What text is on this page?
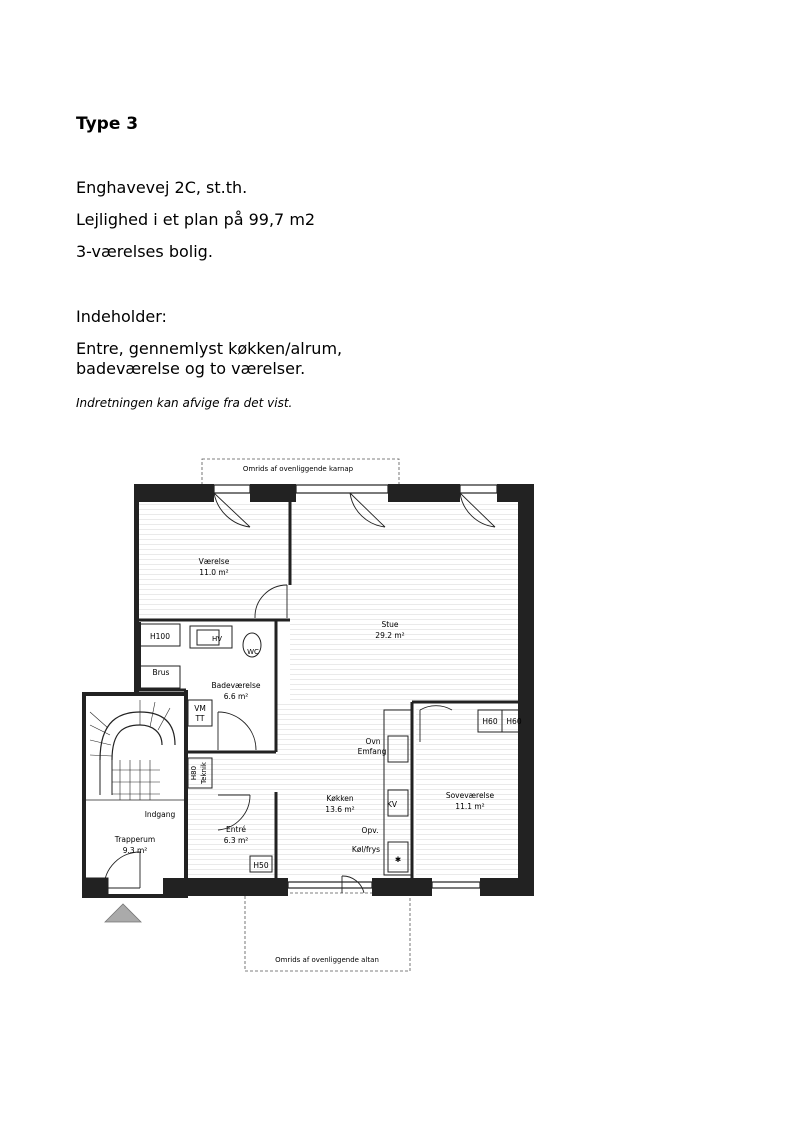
Type 3
Enghavevej 2C, st.th.
Lejlighed i et plan på 99,7 m2
3-værelses bolig.
Indeholder:
Entre, gennemlyst køkken/alrum,
badeværelse og to værelser.
Indretningen kan afvige fra det vist.
Omrids af ovenliggende karnap
Omrids af ovenliggende altan
✱
Værelse
11.0 m²
Stue
29.2 m²
Badeværelse
6.6 m²
Køkken
13.6 m²
Soveværelse
11.1 m²
Entré
6.3 m²
Trapperum
9.3 m²
H100	HV
WC
Brus
VM
TT
H80 Teknik
Ovn
Emfang
KV
Opv.
Køl/frys
H60 H60
H50
Indgang
